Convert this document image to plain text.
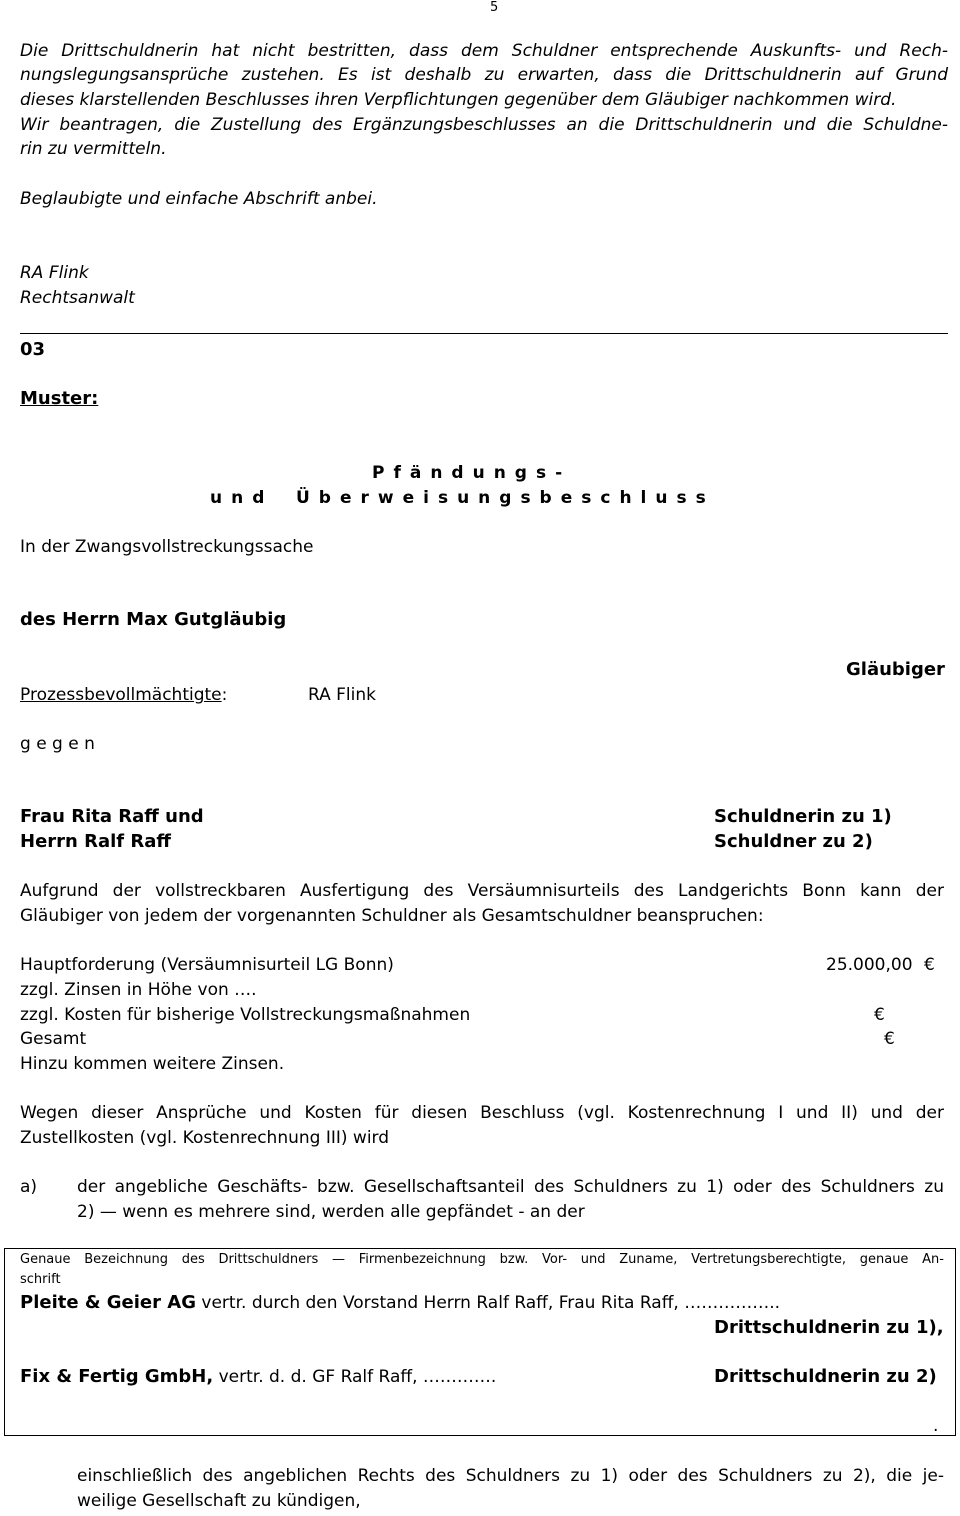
5
Die Drittschuldnerin hat nicht bestritten, dass dem Schuldner entsprechende Auskunfts- und Rech-
nungslegungsansprüche zustehen. Es ist deshalb zu erwarten, dass die Drittschuldnerin auf Grund
dieses klarstellenden Beschlusses ihren Verpflichtungen gegenüber dem Gläubiger nachkommen wird.
Wir beantragen, die Zustellung des Ergänzungsbeschlusses an die Drittschuldnerin und die Schuldne-
rin zu vermitteln.
Beglaubigte und einfache Abschrift anbei.
RA Flink
Rechtsanwalt
03
Muster:
Pfändungs-
und Überweisungsbeschluss
In der Zwangsvollstreckungssache
des Herrn Max Gutgläubig
Gläubiger
Prozessbevollmächtigte:	RA Flink
g e g e n
Frau Rita Raff und	Schuldnerin zu 1)
Herrn Ralf Raff	Schuldner zu 2)
Aufgrund der vollstreckbaren Ausfertigung des Versäumnisurteils des Landgerichts Bonn kann der
Gläubiger von jedem der vorgenannten Schuldner als Gesamtschuldner beanspruchen:
Hauptforderung (Versäumnisurteil LG Bonn)	25.000,00 €
zzgl. Zinsen in Höhe von ….
zzgl. Kosten für bisherige Vollstreckungsmaßnahmen	€
Gesamt	€
Hinzu kommen weitere Zinsen.
Wegen dieser Ansprüche und Kosten für diesen Beschluss (vgl. Kostenrechnung I und II) und der
Zustellkosten (vgl. Kostenrechnung III) wird
a) der angebliche Geschäfts- bzw. Gesellschaftsanteil des Schuldners zu 1) oder des Schuldners zu
2) — wenn es mehrere sind, werden alle gepfändet - an der
Genaue Bezeichnung des Drittschuldners — Firmenbezeichnung bzw. Vor- und Zuname, Vertretungsberechtigte, genaue An-
schrift
Pleite & Geier AG vertr. durch den Vorstand Herrn Ralf Raff, Frau Rita Raff, ……………..
Drittschuldnerin zu 1),
Fix & Fertig GmbH, vertr. d. d. GF Ralf Raff, ………….	Drittschuldnerin zu 2)
.
einschließlich des angeblichen Rechts des Schuldners zu 1) oder des Schuldners zu 2), die je-
weilige Gesellschaft zu kündigen,
